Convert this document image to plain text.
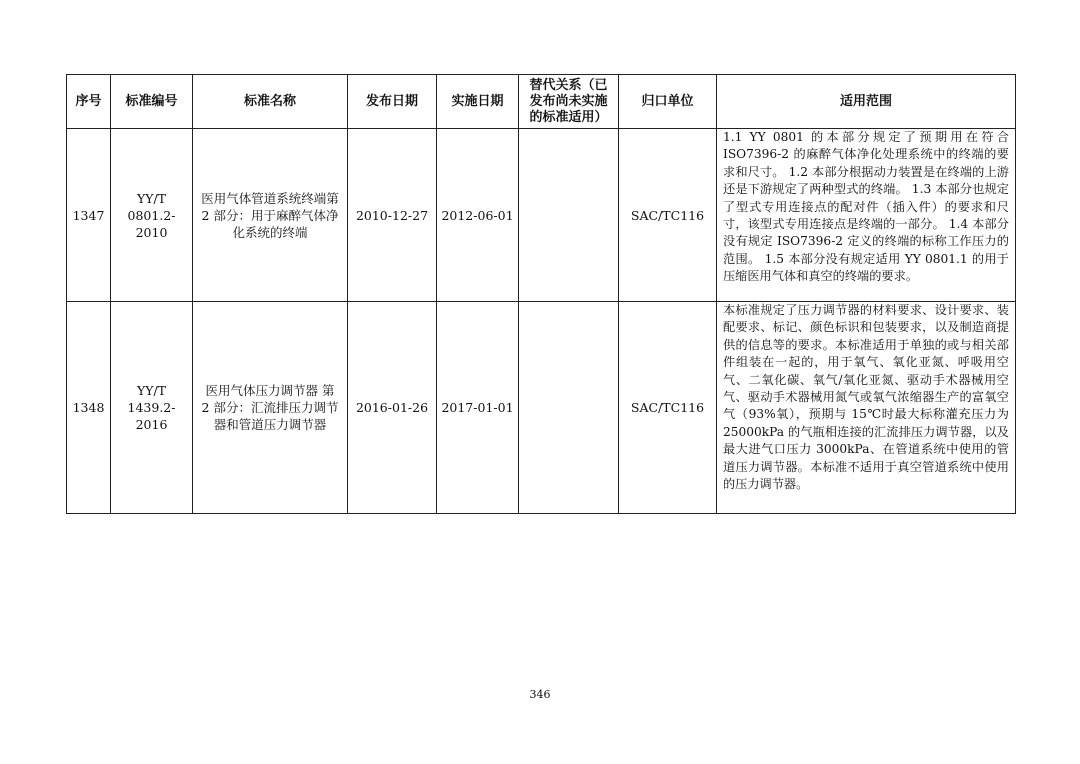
序号	标准编号	标准名称	发布日期	实施日期	替代关系（已发布尚未实施的标准适用）	归口单位	适用范围
1347	YY/T 0801.2-2010	医用气体管道系统终端第 2 部分：用于麻醉气体净化系统的终端	2010-12-27	2012-06-01		SAC/TC116	1.1 YY 0801 的本部分规定了预期用在符合 ISO7396-2 的麻醉气体净化处理系统中的终端的要求和尺寸。 1.2 本部分根据动力装置是在终端的上游还是下游规定了两种型式的终端。 1.3 本部分也规定了型式专用连接点的配对件（插入件）的要求和尺寸，该型式专用连接点是终端的一部分。 1.4 本部分没有规定 ISO7396-2 定义的终端的标称工作压力的范围。 1.5 本部分没有规定适用 YY 0801.1 的用于压缩医用气体和真空的终端的要求。
1348	YY/T 1439.2-2016	医用气体压力调节器 第 2 部分：汇流排压力调节器和管道压力调节器	2016-01-26	2017-01-01		SAC/TC116	本标准规定了压力调节器的材料要求、设计要求、装配要求、标记、颜色标识和包装要求，以及制造商提供的信息等的要求。本标准适用于单独的或与相关部件组装在一起的，用于氧气、氧化亚氮、呼吸用空气、二氧化碳、氧气/氧化亚氮、驱动手术器械用空气、驱动手术器械用氮气或氧气浓缩器生产的富氧空气（93%氧），预期与 15℃时最大标称灌充压力为 25000kPa 的气瓶相连接的汇流排压力调节器，以及最大进气口压力 3000kPa、在管道系统中使用的管道压力调节器。本标准不适用于真空管道系统中使用的压力调节器。
346
